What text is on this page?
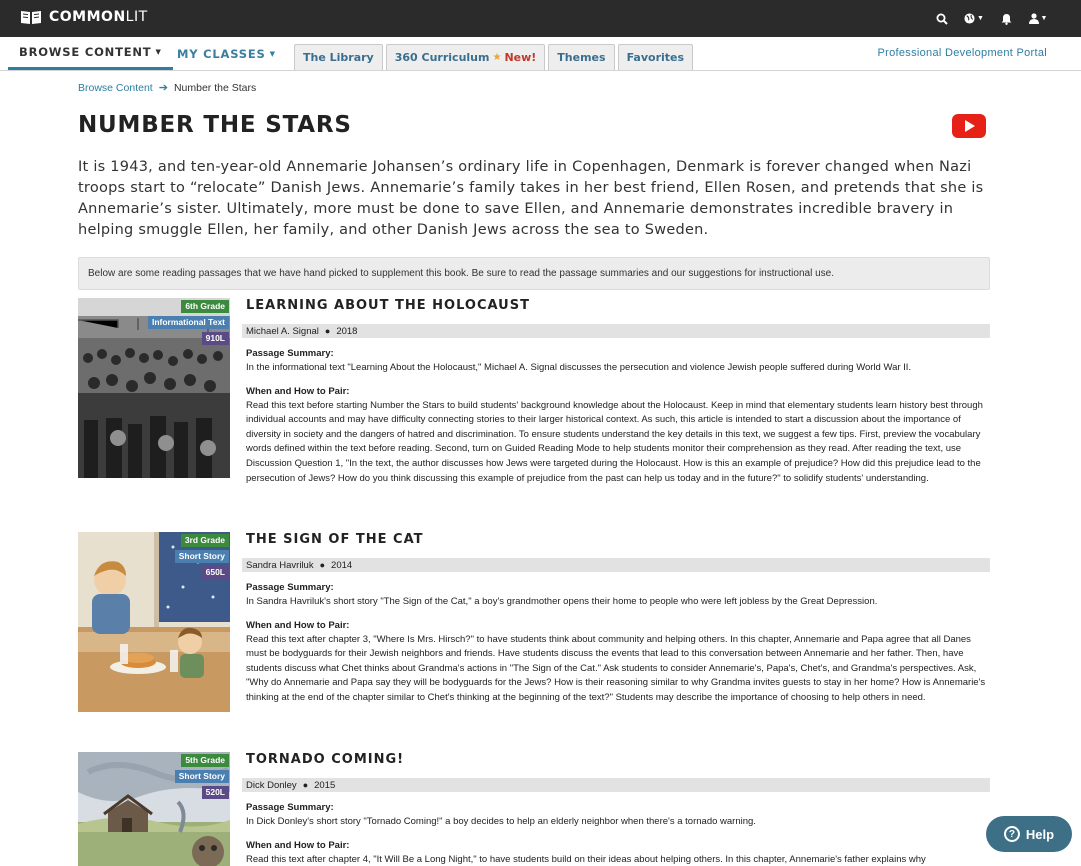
COMMONLIT	▼	▼
BROWSE CONTENT ▼ MY CLASSES ▼ The Library 360 Curriculum ★ New! Themes Favorites	Professional Development Portal
Browse Content ➔ Number the Stars
NUMBER THE STARS

It is 1943, and ten-year-old Annemarie Johansen’s ordinary life in Copenhagen, Denmark is forever changed when Nazi troops start to “relocate” Danish Jews. Annemarie’s family takes in her best friend, Ellen Rosen, and pretends that she is Annemarie’s sister. Ultimately, more must be done to save Ellen, and Annemarie demonstrates incredible bravery in helping smuggle Ellen, her family, and other Danish Jews across the sea to Sweden.

Below are some reading passages that we have hand picked to supplement this book. Be sure to read the passage summaries and our suggestions for instructional use.
6th Grade
Informational Text
910L
LEARNING ABOUT THE HOLOCAUST
Michael A. Signal ● 2018
Passage Summary:
In the informational text "Learning About the Holocaust," Michael A. Signal discusses the persecution and violence Jewish people suffered during World War II.
When and How to Pair:
Read this text before starting Number the Stars to build students' background knowledge about the Holocaust. Keep in mind that elementary students learn history best through individual accounts and may have difficulty connecting stories to their larger historical context. As such, this article is intended to start a discussion about the importance of diversity in society and the dangers of hatred and discrimination. To ensure students understand the key details in this text, we suggest a few tips. First, preview the vocabulary words defined within the text before reading. Second, turn on Guided Reading Mode to help students monitor their comprehension as they read. After reading the text, use Discussion Question 1, "In the text, the author discusses how Jews were targeted during the Holocaust. How is this an example of prejudice? How did this prejudice lead to the persecution of Jews? How do you think discussing this example of prejudice from the past can help us today and in the future?" to solidify students' understanding.
3rd Grade
Short Story
650L
THE SIGN OF THE CAT
Sandra Havriluk ● 2014
Passage Summary:
In Sandra Havriluk's short story "The Sign of the Cat," a boy's grandmother opens their home to people who were left jobless by the Great Depression.
When and How to Pair:
Read this text after chapter 3, "Where Is Mrs. Hirsch?" to have students think about community and helping others. In this chapter, Annemarie and Papa agree that all Danes must be bodyguards for their Jewish neighbors and friends. Have students discuss the events that lead to this conversation between Annemarie and her father. Then, have students discuss what Chet thinks about Grandma's actions in "The Sign of the Cat." Ask students to consider Annemarie's, Papa's, Chet's, and Grandma's perspectives. Ask, "Why do Annemarie and Papa say they will be bodyguards for the Jews? How is their reasoning similar to why Grandma invites guests to stay in her home? How is Annemarie's thinking at the end of the chapter similar to Chet's thinking at the beginning of the text?" Students may describe the importance of choosing to help others in need.
5th Grade
Short Story
520L
TORNADO COMING!
Dick Donley ● 2015
Passage Summary:
In Dick Donley's short story "Tornado Coming!" a boy decides to help an elderly neighbor when there's a tornado warning.
When and How to Pair:
Read this text after chapter 4, "It Will Be a Long Night," to have students build on their ideas about helping others. In this chapter, Annemarie's father explains why
? Help
